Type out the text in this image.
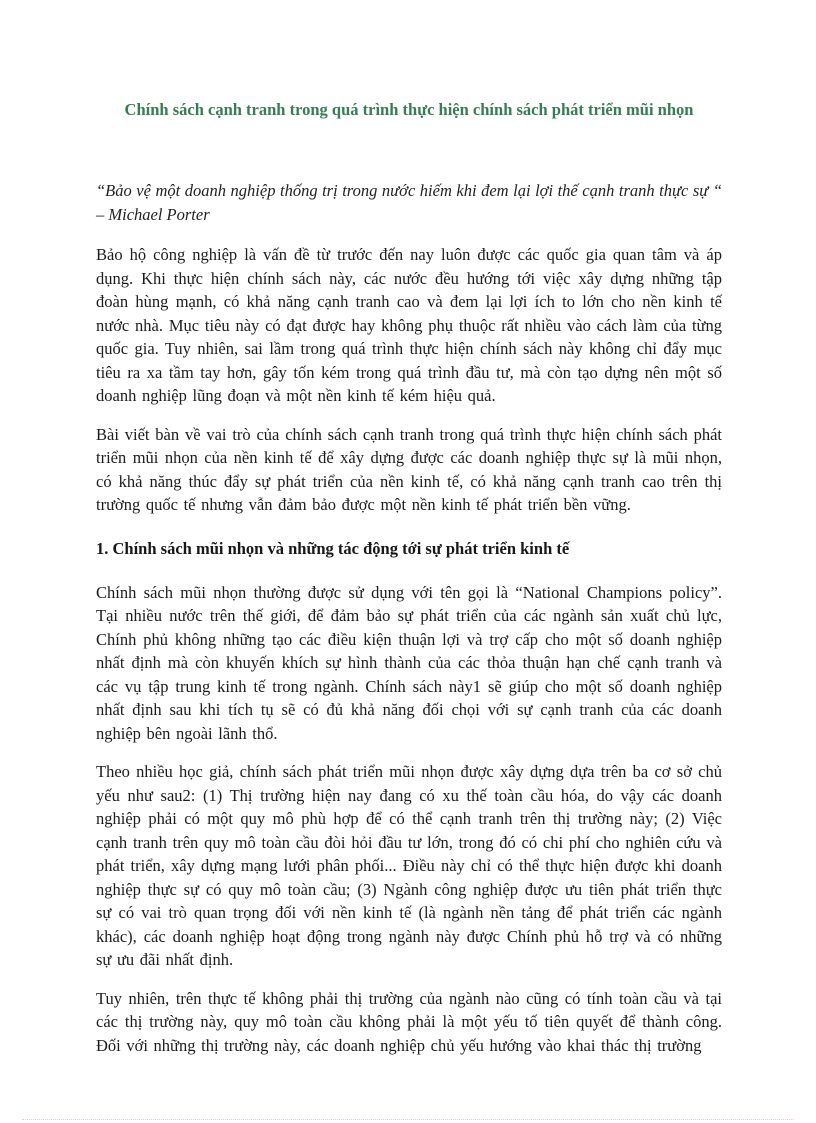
Chính sách cạnh tranh trong quá trình thực hiện chính sách phát triển mũi nhọn

“Bảo vệ một doanh nghiệp thống trị trong nước hiếm khi đem lại lợi thế cạnh tranh thực sự “ – Michael Porter

Bảo hộ công nghiệp là vấn đề từ trước đến nay luôn được các quốc gia quan tâm và áp dụng. Khi thực hiện chính sách này, các nước đều hướng tới việc xây dựng những tập đoàn hùng mạnh, có khả năng cạnh tranh cao và đem lại lợi ích to lớn cho nền kinh tế nước nhà. Mục tiêu này có đạt được hay không phụ thuộc rất nhiều vào cách làm của từng quốc gia. Tuy nhiên, sai lầm trong quá trình thực hiện chính sách này không chỉ đẩy mục tiêu ra xa tầm tay hơn, gây tốn kém trong quá trình đầu tư, mà còn tạo dựng nên một số doanh nghiệp lũng đoạn và một nền kinh tế kém hiệu quả.

Bài viết bàn về vai trò của chính sách cạnh tranh trong quá trình thực hiện chính sách phát triển mũi nhọn của nền kinh tế để xây dựng được các doanh nghiệp thực sự là mũi nhọn, có khả năng thúc đẩy sự phát triển của nền kinh tế, có khả năng cạnh tranh cao trên thị trường quốc tế nhưng vẫn đảm bảo được một nền kinh tế phát triển bền vững.

1. Chính sách mũi nhọn và những tác động tới sự phát triển kinh tế

Chính sách mũi nhọn thường được sử dụng với tên gọi là “National Champions policy”. Tại nhiều nước trên thế giới, để đảm bảo sự phát triển của các ngành sản xuất chủ lực, Chính phủ không những tạo các điều kiện thuận lợi và trợ cấp cho một số doanh nghiệp nhất định mà còn khuyến khích sự hình thành của các thỏa thuận hạn chế cạnh tranh và các vụ tập trung kinh tế trong ngành. Chính sách này1 sẽ giúp cho một số doanh nghiệp nhất định sau khi tích tụ sẽ có đủ khả năng đối chọi với sự cạnh tranh của các doanh nghiệp bên ngoài lãnh thổ.

Theo nhiều học giả, chính sách phát triển mũi nhọn được xây dựng dựa trên ba cơ sở chủ yếu như sau2: (1) Thị trường hiện nay đang có xu thế toàn cầu hóa, do vậy các doanh nghiệp phải có một quy mô phù hợp để có thể cạnh tranh trên thị trường này; (2) Việc cạnh tranh trên quy mô toàn cầu đòi hỏi đầu tư lớn, trong đó có chi phí cho nghiên cứu và phát triển, xây dựng mạng lưới phân phối... Điều này chỉ có thể thực hiện được khi doanh nghiệp thực sự có quy mô toàn cầu; (3) Ngành công nghiệp được ưu tiên phát triển thực sự có vai trò quan trọng đối với nền kinh tế (là ngành nền tảng để phát triển các ngành khác), các doanh nghiệp hoạt động trong ngành này được Chính phủ hỗ trợ và có những sự ưu đãi nhất định.

Tuy nhiên, trên thực tế không phải thị trường của ngành nào cũng có tính toàn cầu và tại các thị trường này, quy mô toàn cầu không phải là một yếu tố tiên quyết để thành công. Đối với những thị trường này, các doanh nghiệp chủ yếu hướng vào khai thác thị trường
